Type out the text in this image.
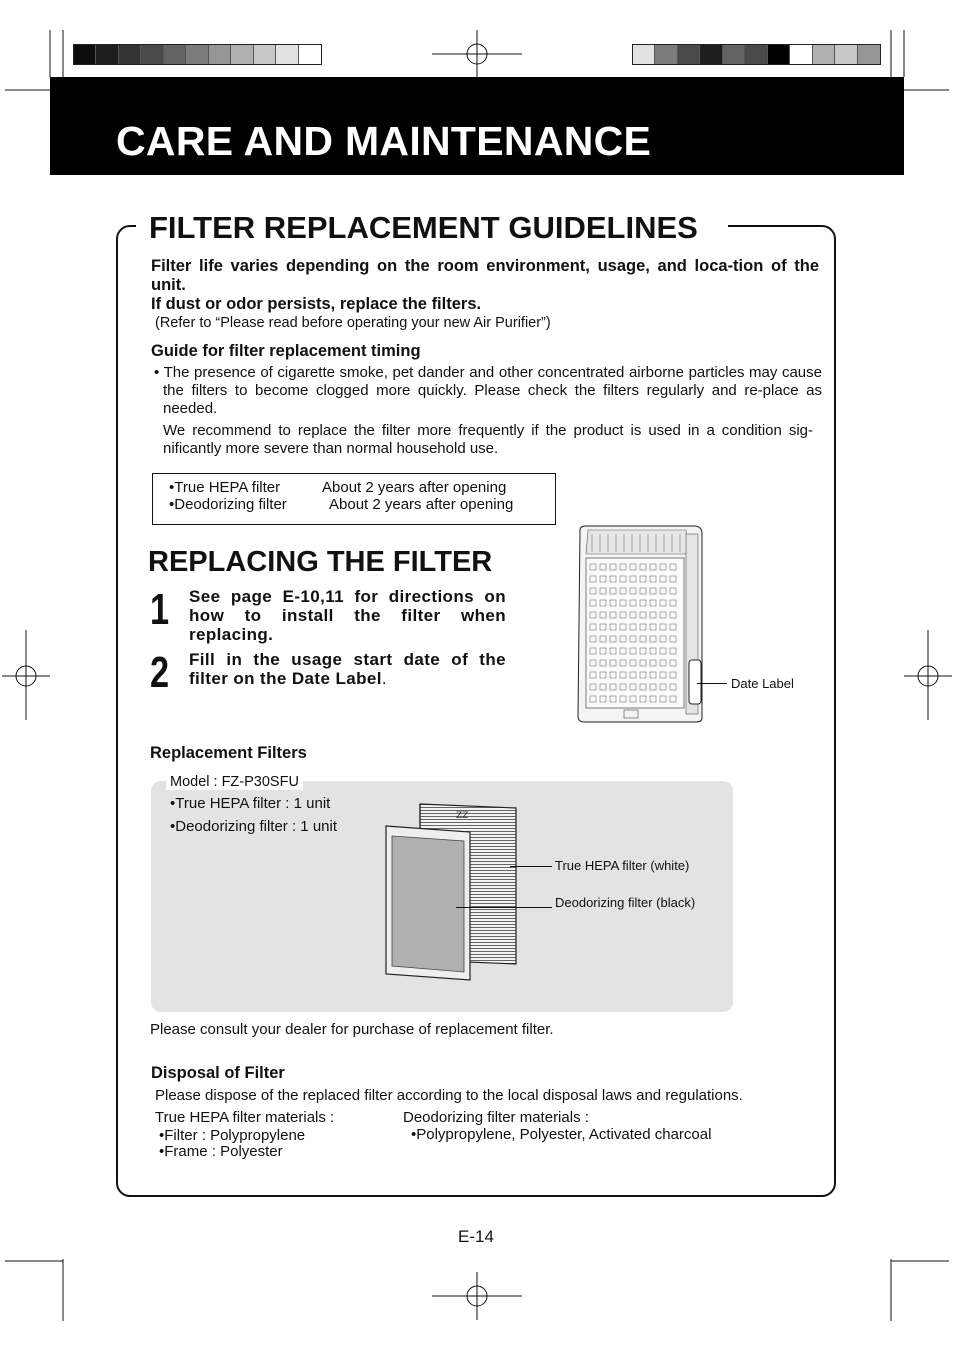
CARE AND MAINTENANCE
FILTER REPLACEMENT GUIDELINES
Filter life varies depending on the room environment, usage, and loca-tion of the unit.
If dust or odor persists, replace the filters.
(Refer to “Please read before operating your new Air Purifier”)
Guide for filter replacement timing
• The presence of cigarette smoke, pet dander and other concentrated airborne particles may cause the filters to become clogged more quickly. Please check the filters regularly and re-place as needed.
We recommend to replace the filter more frequently if the product is used in a condition sig-nificantly more severe than normal household use.
•True HEPA filter	About 2 years after opening
•Deodorizing filter	About 2 years after opening
REPLACING THE FILTER
1 See page E-10,11 for directions on how to install the filter when replacing.
2 Fill in the usage start date of the filter on the Date Label.	Date Label
Replacement Filters
Model : FZ-P30SFU
•True HEPA filter : 1 unit
•Deodorizing filter : 1 unit
ZZ
True HEPA filter (white)
Deodorizing filter (black)
Please consult your dealer for purchase of replacement filter.
Disposal of Filter
Please dispose of the replaced filter according to the local disposal laws and regulations.
True HEPA filter materials :
•Filter : Polypropylene
•Frame : Polyester
Deodorizing filter materials :
•Polypropylene, Polyester, Activated charcoal
E-14
